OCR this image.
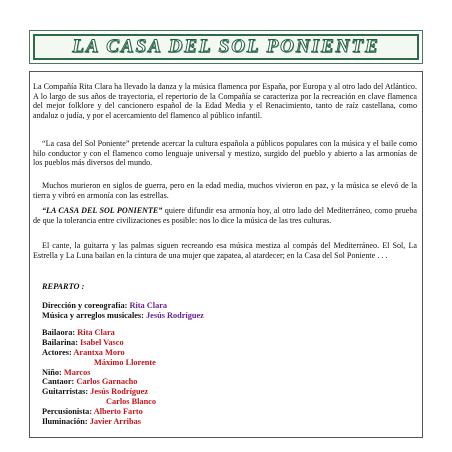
LA CASA DEL SOL PONIENTE

La Compañía Rita Clara ha llevado la danza y la música flamenca por España, por Europa y al otro lado del Atlántico. A lo largo de sus años de trayectoria, el repertorio de la Compañía se caracteriza por la recreación en clave flamenca del mejor folklore y del cancionero español de la Edad Media y el Renacimiento, tanto de raíz castellana, como andaluz o judía, y por el acercamiento del flamenco al público infantil.

“La casa del Sol Poniente” pretende acercar la cultura española a públicos populares con la música y el baile como hilo conductor y con el flamenco como lenguaje universal y mestizo, surgido del pueblo y abierto a las armonías de los pueblos más diversos del mundo.

Muchos murieron en siglos de guerra, pero en la edad media, muchos vivieron en paz, y la música se elevó de la tierra y vibró en armonía con las estrellas.

“LA CASA DEL SOL PONIENTE” quiere difundir esa armonía hoy, al otro lado del Mediterráneo, como prueba de que la tolerancia entre civilizaciones es posible: nos lo dice la música de las tres culturas.

El cante, la guitarra y las palmas siguen recreando esa música mestiza al compás del Mediterráneo. El Sol, La Estrella y La Luna bailan en la cintura de una mujer que zapatea, al atardecer; en la Casa del Sol Poniente . . .

REPARTO :
Dirección y coreografía: Rita Clara
Música y arreglos musicales: Jesús Rodríguez
Bailaora: Rita Clara
Bailarina: Isabel Vasco
Actores: Arantxa Moro
Máximo Llorente
Niño: Marcos
Cantaor: Carlos Garnacho
Guitarristas: Jesús Rodríguez
Carlos Blanco
Percusionista: Alberto Farto
Iluminación: Javier Arribas
